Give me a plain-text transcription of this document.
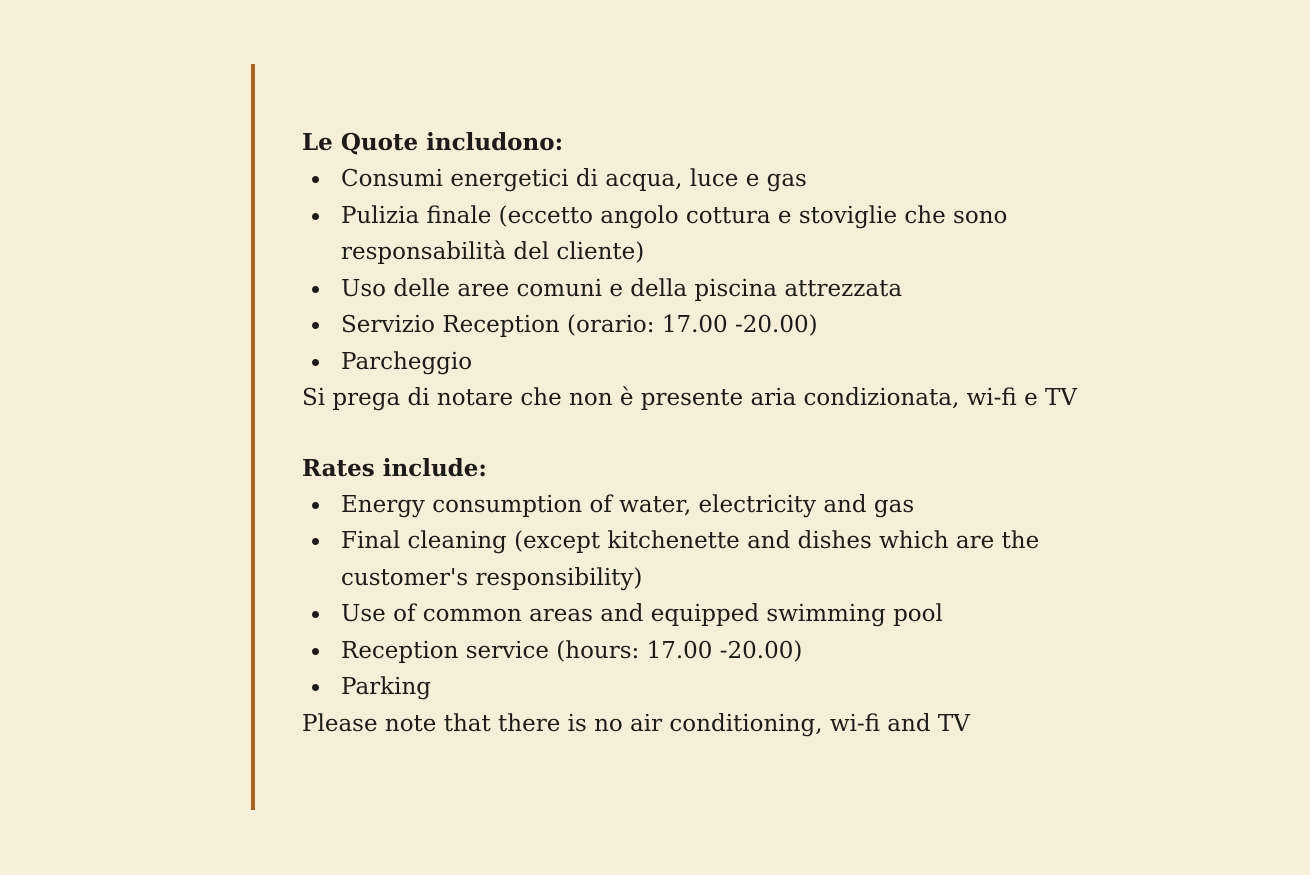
Le Quote includono:

Consumi energetici di acqua, luce e gas
Pulizia finale (eccetto angolo cottura e stoviglie che sono responsabilità del cliente)
Uso delle aree comuni e della piscina attrezzata
Servizio Reception (orario: 17.00 -20.00)
Parcheggio

Si prega di notare che non è presente aria condizionata, wi-fi e TV

Rates include:

Energy consumption of water, electricity and gas
Final cleaning (except kitchenette and dishes which are the customer's responsibility)
Use of common areas and equipped swimming pool
Reception service (hours: 17.00 -20.00)
Parking

Please note that there is no air conditioning, wi-fi and TV
